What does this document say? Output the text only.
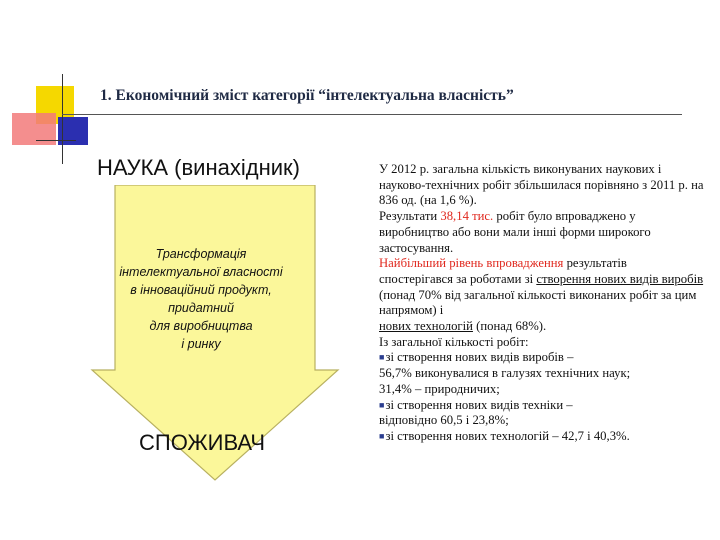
1. Економічний зміст категорії “інтелектуальна власність”
НАУКА (винахідник)
Трансформація
інтелектуальної власності
в інноваційний продукт,
придатний
для виробництва
і ринку
СПОЖИВАЧ

У 2012 р. загальна кількість виконуваних наукових і науково-технічних робіт збільшилася порівняно з 2011 р. на 836 од. (на 1,6 %).

Результати 38,14 тис. робіт було впроваджено у виробництво або вони мали інші форми широкого застосування.

Найбільший рівень впровадження результатів спостерігався за роботами зі створення нових видів виробів (понад 70% від загальної кількості виконаних робіт за цим напрямом) і
нових технологій (понад 68%).

Із загальної кількості робіт:

■зі створення нових видів виробів –

56,7% виконувалися в галузях технічних наук;

31,4% – природничих;

■зі створення нових видів техніки –

відповідно 60,5 і 23,8%;

■зі створення нових технологій – 42,7 і 40,3%.
